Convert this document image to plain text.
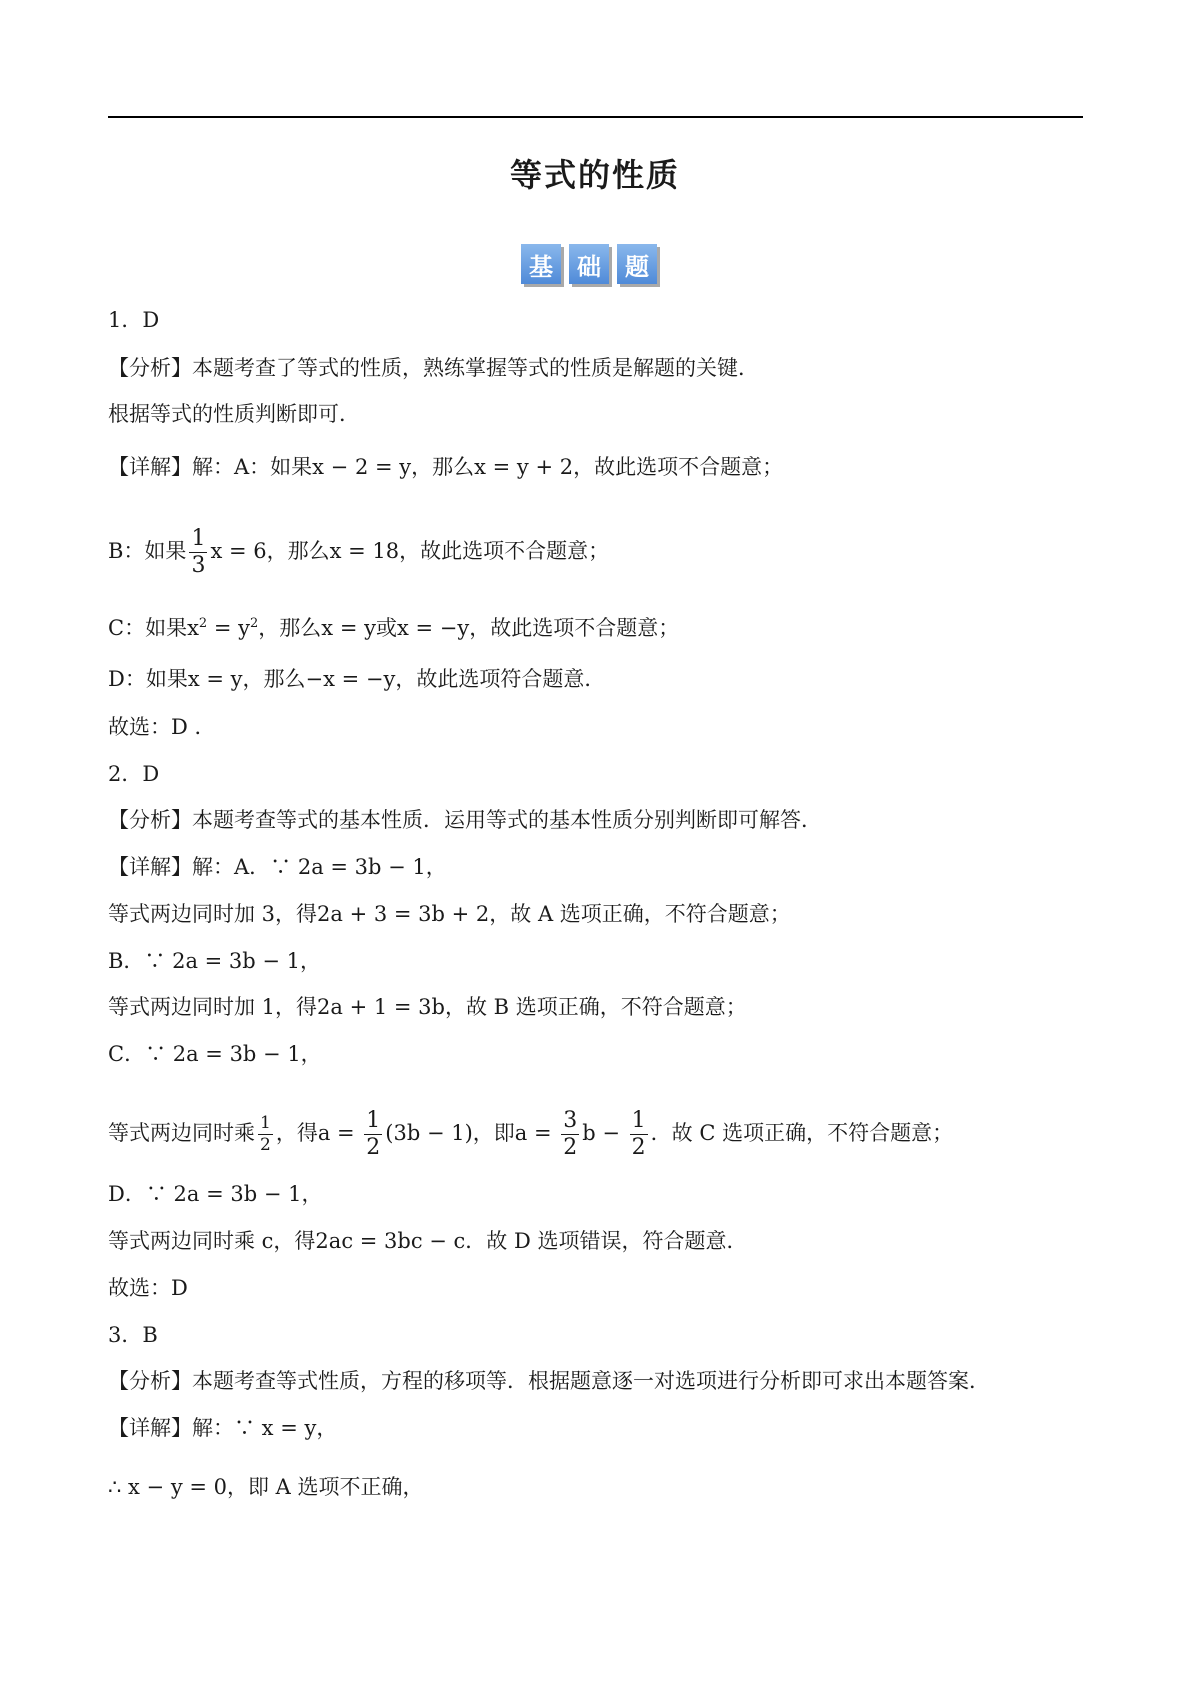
等式的性质
基	础	题
1．D
【分析】本题考查了等式的性质，熟练掌握等式的性质是解题的关键．
根据等式的性质判断即可．
【详解】解：A：如果x − 2 = y，那么x = y + 2，故此选项不合题意；
B：如果 $\frac{1}{3}$ x = 6，那么x = 18，故此选项不合题意；
C：如果$x^2 = y^2$，那么x = y或x = −y，故此选项不合题意；
D：如果x = y，那么−x = −y，故此选项符合题意．
故选：D ．
2．D
【分析】本题考查等式的基本性质．运用等式的基本性质分别判断即可解答．
【详解】解：A．∵ 2a = 3b − 1，
等式两边同时加 3，得2a + 3 = 3b + 2，故 A 选项正确，不符合题意；
B．∵ 2a = 3b − 1，
等式两边同时加 1，得2a + 1 = 3b，故 B 选项正确，不符合题意；
C．∵ 2a = 3b − 1，
等式两边同时乘 $\frac{1}{2}$ ，得$a = \frac{1}{2} (3b - 1)$，即$a = \frac{3}{2}$ $b - \frac{1}{2}$ ．故 C 选项正确，不符合题意；
D．∵ 2a = 3b − 1，
等式两边同时乘 c，得2ac = 3bc − c．故 D 选项错误，符合题意．
故选：D
3．B
【分析】本题考查等式性质，方程的移项等．根据题意逐一对选项进行分析即可求出本题答案．
【详解】解：∵ x = y，
∴ x − y = 0，即 A 选项不正确，
